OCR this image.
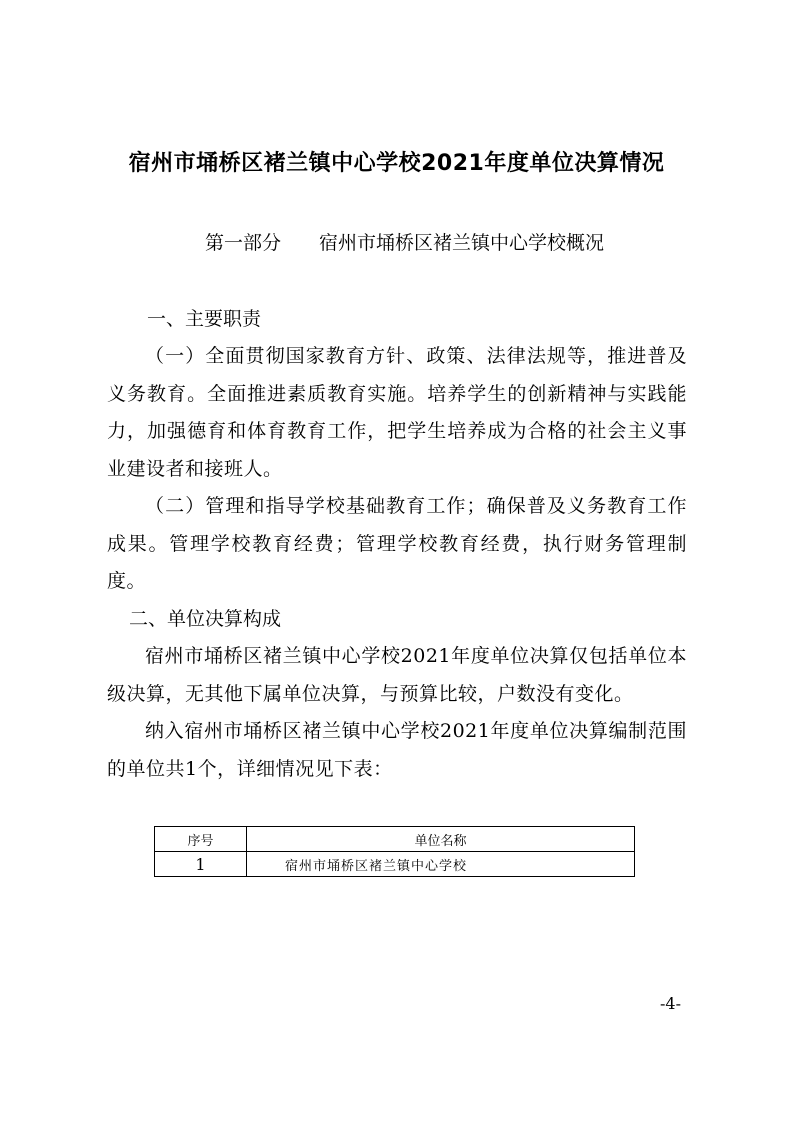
宿州市埇桥区褚兰镇中心学校2021年度单位决算情况
第一部分 宿州市埇桥区褚兰镇中心学校概况
一、主要职责
（一）全面贯彻国家教育方针、政策、法律法规等，推进普及义务教育。全面推进素质教育实施。培养学生的创新精神与实践能力，加强德育和体育教育工作，把学生培养成为合格的社会主义事业建设者和接班人。
（二）管理和指导学校基础教育工作；确保普及义务教育工作成果。管理学校教育经费；管理学校教育经费，执行财务管理制度。
二、单位决算构成
宿州市埇桥区褚兰镇中心学校2021年度单位决算仅包括单位本级决算，无其他下属单位决算，与预算比较，户数没有变化。
纳入宿州市埇桥区褚兰镇中心学校2021年度单位决算编制范围的单位共1个，详细情况见下表：
序号	单位名称
1	宿州市埇桥区褚兰镇中心学校
-4-
